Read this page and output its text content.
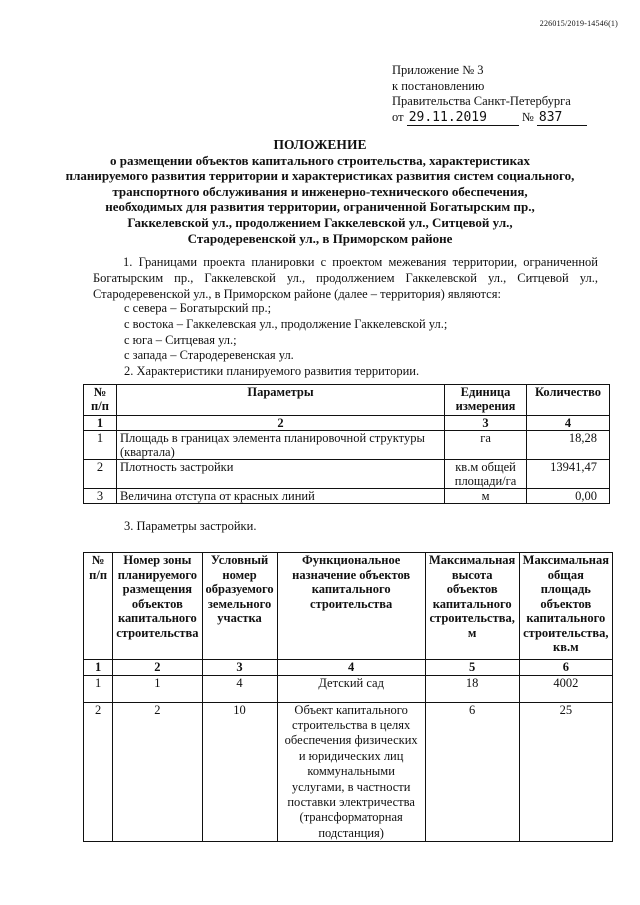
226015/2019-14546(1)
Приложение № 3
к постановлению
Правительства Санкт-Петербурга
от 29.11.2019	№ 837
ПОЛОЖЕНИЕ
о размещении объектов капитального строительства, характеристиках
планируемого развития территории и характеристиках развития систем социального,
транспортного обслуживания и инженерно-технического обеспечения,
необходимых для развития территории, ограниченной Богатырским пр.,
Гаккелевской ул., продолжением Гаккелевской ул., Ситцевой ул.,
Стародеревенской ул., в Приморском районе
1. Границами проекта планировки с проектом межевания территории, ограниченной Богатырским пр., Гаккелевской ул., продолжением Гаккелевской ул., Ситцевой ул., Стародеревенской ул., в Приморском районе (далее – территория) являются:
с севера – Богатырский пр.;
с востока – Гаккелевская ул., продолжение Гаккелевской ул.;
с юга – Ситцевая ул.;
с запада – Стародеревенская ул.
2. Характеристики планируемого развития территории.
№ п/п	Параметры	Единица измерения	Количество
1	2	3	4
1	Площадь в границах элемента планировочной структуры (квартала)	га	18,28
2	Плотность застройки	кв.м общей площади/га	13941,47
3	Величина отступа от красных линий	м	0,00
3. Параметры застройки.
№ п/п	Номер зоны планируемого размещения объектов капитального строительства	Условный номер образуемого земельного участка	Функциональное назначение объектов капитального строительства	Максимальная высота объектов капитального строительства, м	Максимальная общая площадь объектов капитального строительства, кв.м
1	2	3	4	5	6
1	1	4	Детский сад	18	4002
2	2	10	Объект капитального строительства в целях обеспечения физических и юридических лиц коммунальными услугами, в частности поставки электричества (трансформаторная подстанция)	6	25
